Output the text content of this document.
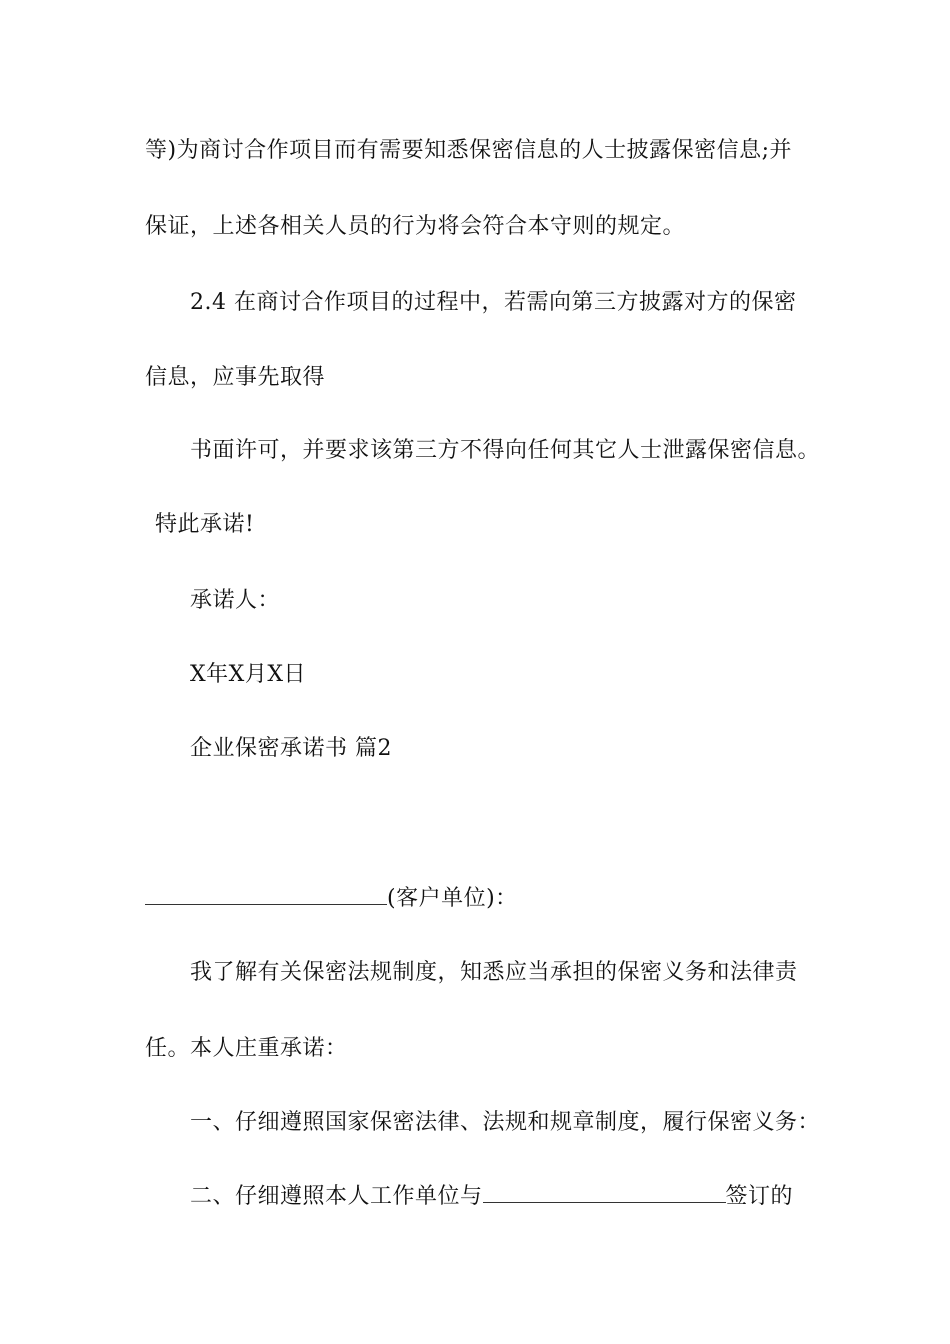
等)为商讨合作项目而有需要知悉保密信息的人士披露保密信息;并
保证，上述各相关人员的行为将会符合本守则的规定。
2.4 在商讨合作项目的过程中，若需向第三方披露对方的保密
信息，应事先取得
书面许可，并要求该第三方不得向任何其它人士泄露保密信息。
特此承诺!
承诺人：
X年X月X日
企业保密承诺书 篇2
(客户单位)：
我了解有关保密法规制度，知悉应当承担的保密义务和法律责
任。本人庄重承诺：
一、仔细遵照国家保密法律、法规和规章制度，履行保密义务：
二、仔细遵照本人工作单位与	签订的
